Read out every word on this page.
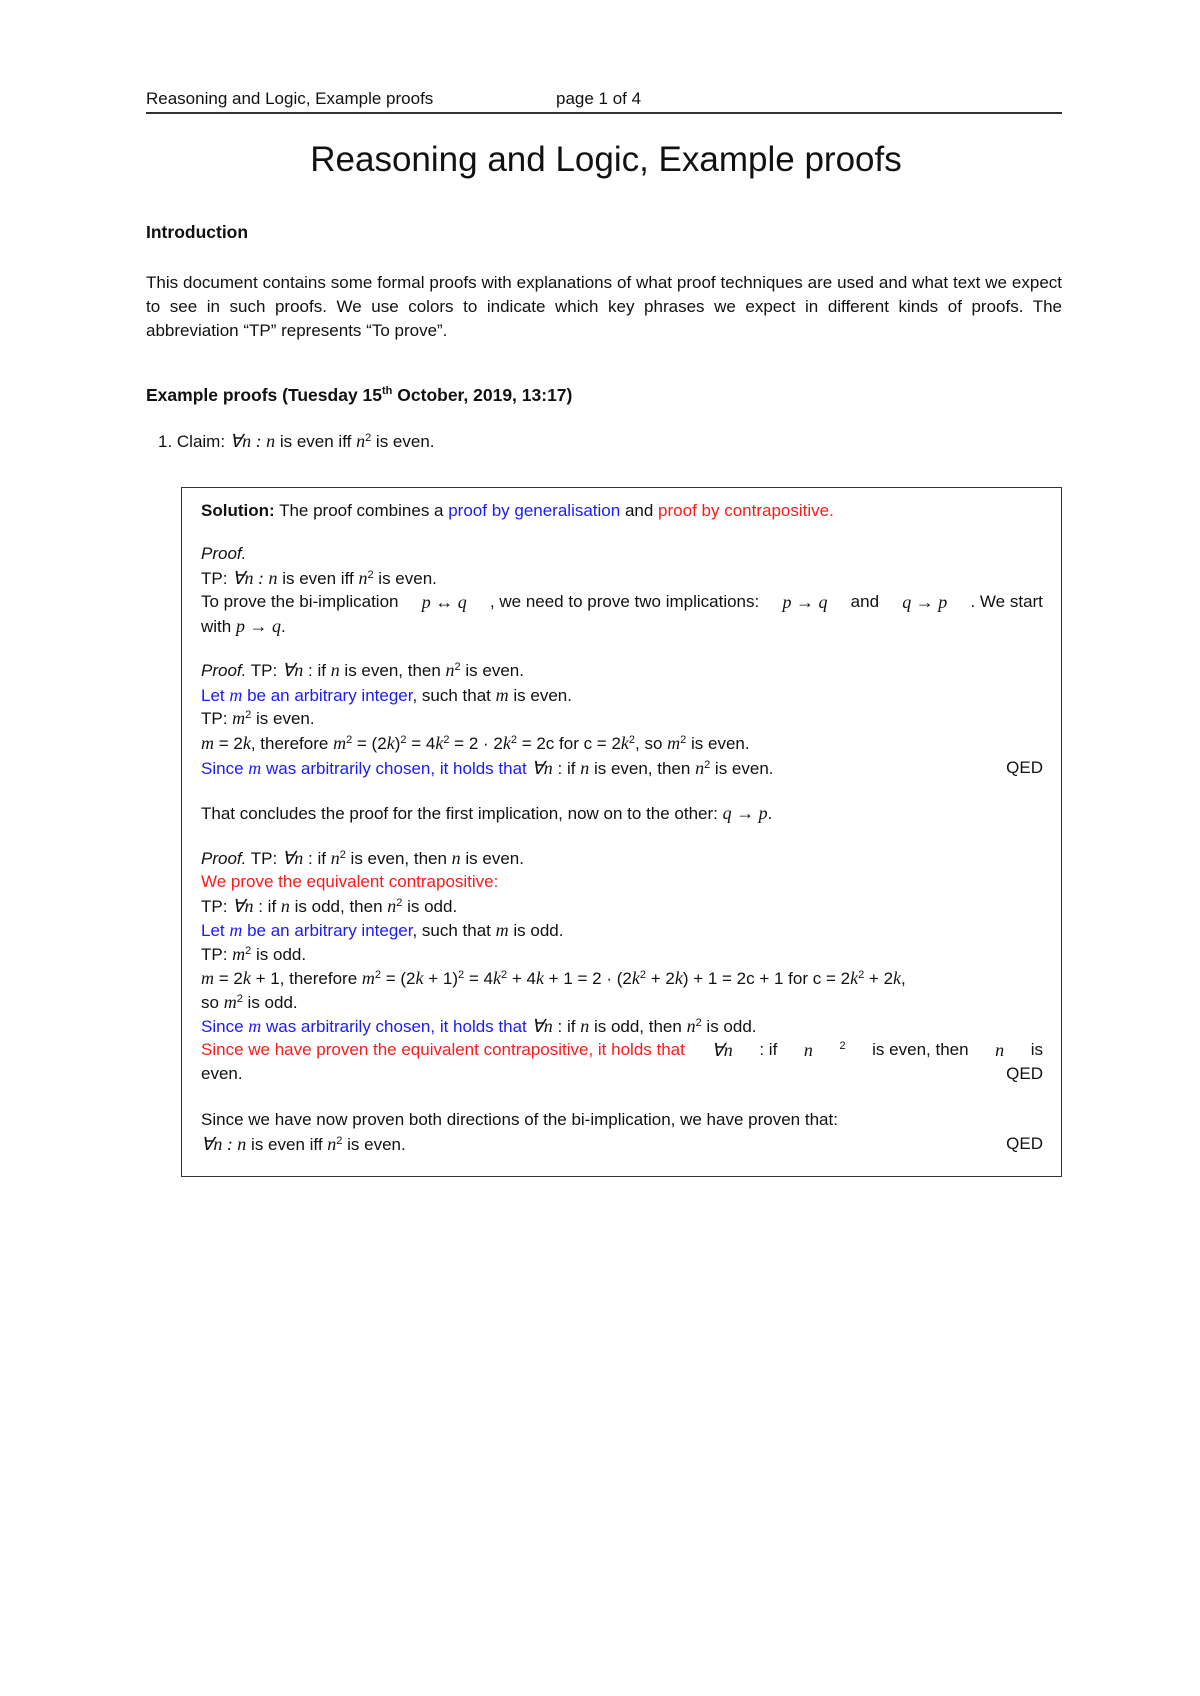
Reasoning and Logic, Example proofs	page 1 of 4
Reasoning and Logic, Example proofs
Introduction
This document contains some formal proofs with explanations of what proof techniques are used and what text we expect to see in such proofs. We use colors to indicate which key phrases we expect in different kinds of proofs. The abbreviation “TP” represents “To prove”.
Example proofs (Tuesday 15th October, 2019, 13:17)
1. Claim: ∀n : n is even iff $n^2$ is even.
Solution: The proof combines a proof by generalisation and proof by contrapositive.
Proof.
TP: ∀n : n is even iff $n^2$ is even.
To prove the bi-implication p ↔ q , we need to prove two implications: p → q and q → p . We start
with p → q.
Proof. TP: ∀n : if n is even, then $n^2$ is even.
Let m be an arbitrary integer, such that m is even.
TP: $m^2$ is even.
m = 2k, therefore $m^2 = (2k)^2 = 4k^2 = 2 \cdot 2k^2 = 2c$ for $c = 2k^2$, so $m^2$ is even.
Since m was arbitrarily chosen, it holds that ∀n : if n is even, then $n^2$ is even.	QED
That concludes the proof for the first implication, now on to the other: q → p.
Proof. TP: ∀n : if $n^2$ is even, then n is even.
We prove the equivalent contrapositive:
TP: ∀n : if n is odd, then $n^2$ is odd.
Let m be an arbitrary integer, such that m is odd.
TP: $m^2$ is odd.
m = 2k + 1, therefore $m^2 = (2k + 1)^2 = 4k^2 + 4k + 1 = 2 \cdot (2k^2 + 2k) + 1 = 2c + 1$ for $c = 2k^2 + 2k$,
so $m^2$ is odd.
Since m was arbitrarily chosen, it holds that ∀n : if n is odd, then $n^2$ is odd.
Since we have proven the equivalent contrapositive, it holds that ∀n : if n 2 is even, then n is
even.	QED
Since we have now proven both directions of the bi-implication, we have proven that:
∀n : n is even iff $n^2$ is even.	QED
